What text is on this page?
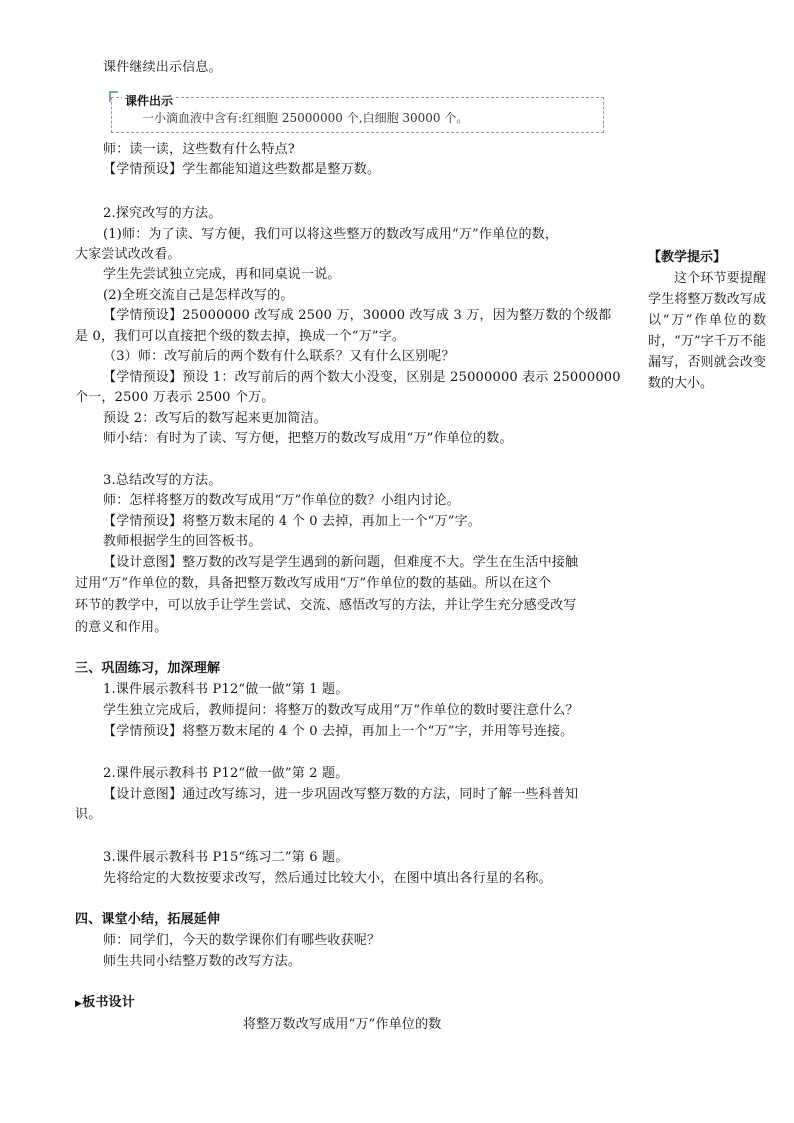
课件继续出示信息。
课件出示
一小滴血液中含有:红细胞 25000000 个,白细胞 30000 个。
师：读一读，这些数有什么特点?
【学情预设】学生都能知道这些数都是整万数。
2.探究改写的方法。
(1)师：为了读、写方便，我们可以将这些整万的数改写成用“万”作单位的数，
大家尝试改改看。
学生先尝试独立完成，再和同桌说一说。
(2)全班交流自己是怎样改写的。
【学情预设】25000000 改写成 2500 万，30000 改写成 3 万，因为整万数的个级都
是 0，我们可以直接把个级的数去掉，换成一个“万”字。
（3）师：改写前后的两个数有什么联系？又有什么区别呢？
【学情预设】预设 1：改写前后的两个数大小没变，区别是 25000000 表示 25000000
个一，2500 万表示 2500 个万。
预设 2：改写后的数写起来更加简洁。
师小结：有时为了读、写方便，把整万的数改写成用“万”作单位的数。
3.总结改写的方法。
师：怎样将整万的数改写成用“万”作单位的数？小组内讨论。
【学情预设】将整万数末尾的 4 个 0 去掉，再加上一个“万”字。
教师根据学生的回答板书。
【设计意图】整万数的改写是学生遇到的新问题，但难度不大。学生在生活中接触
过用“万”作单位的数，具备把整万数改写成用“万”作单位的数的基础。所以在这个
环节的教学中，可以放手让学生尝试、交流、感悟改写的方法，并让学生充分感受改写
的意义和作用。
三、巩固练习，加深理解
1.课件展示教科书 P12“做一做”第 1 题。
学生独立完成后，教师提问：将整万的数改写成用“万”作单位的数时要注意什么？
【学情预设】将整万数末尾的 4 个 0 去掉，再加上一个“万”字，并用等号连接。
2.课件展示教科书 P12“做一做”第 2 题。
【设计意图】通过改写练习，进一步巩固改写整万数的方法，同时了解一些科普知
识。
3.课件展示教科书 P15“练习二”第 6 题。
先将给定的大数按要求改写，然后通过比较大小，在图中填出各行星的名称。
四、课堂小结，拓展延伸
师：同学们，今天的数学课你们有哪些收获呢？
师生共同小结整万数的改写方法。
▶板书设计
将整万数改写成用“万”作单位的数
【教学提示】
这个环节要提醒学生将整万数改写成以“万”作单位的数时，“万”字千万不能漏写，否则就会改变数的大小。
